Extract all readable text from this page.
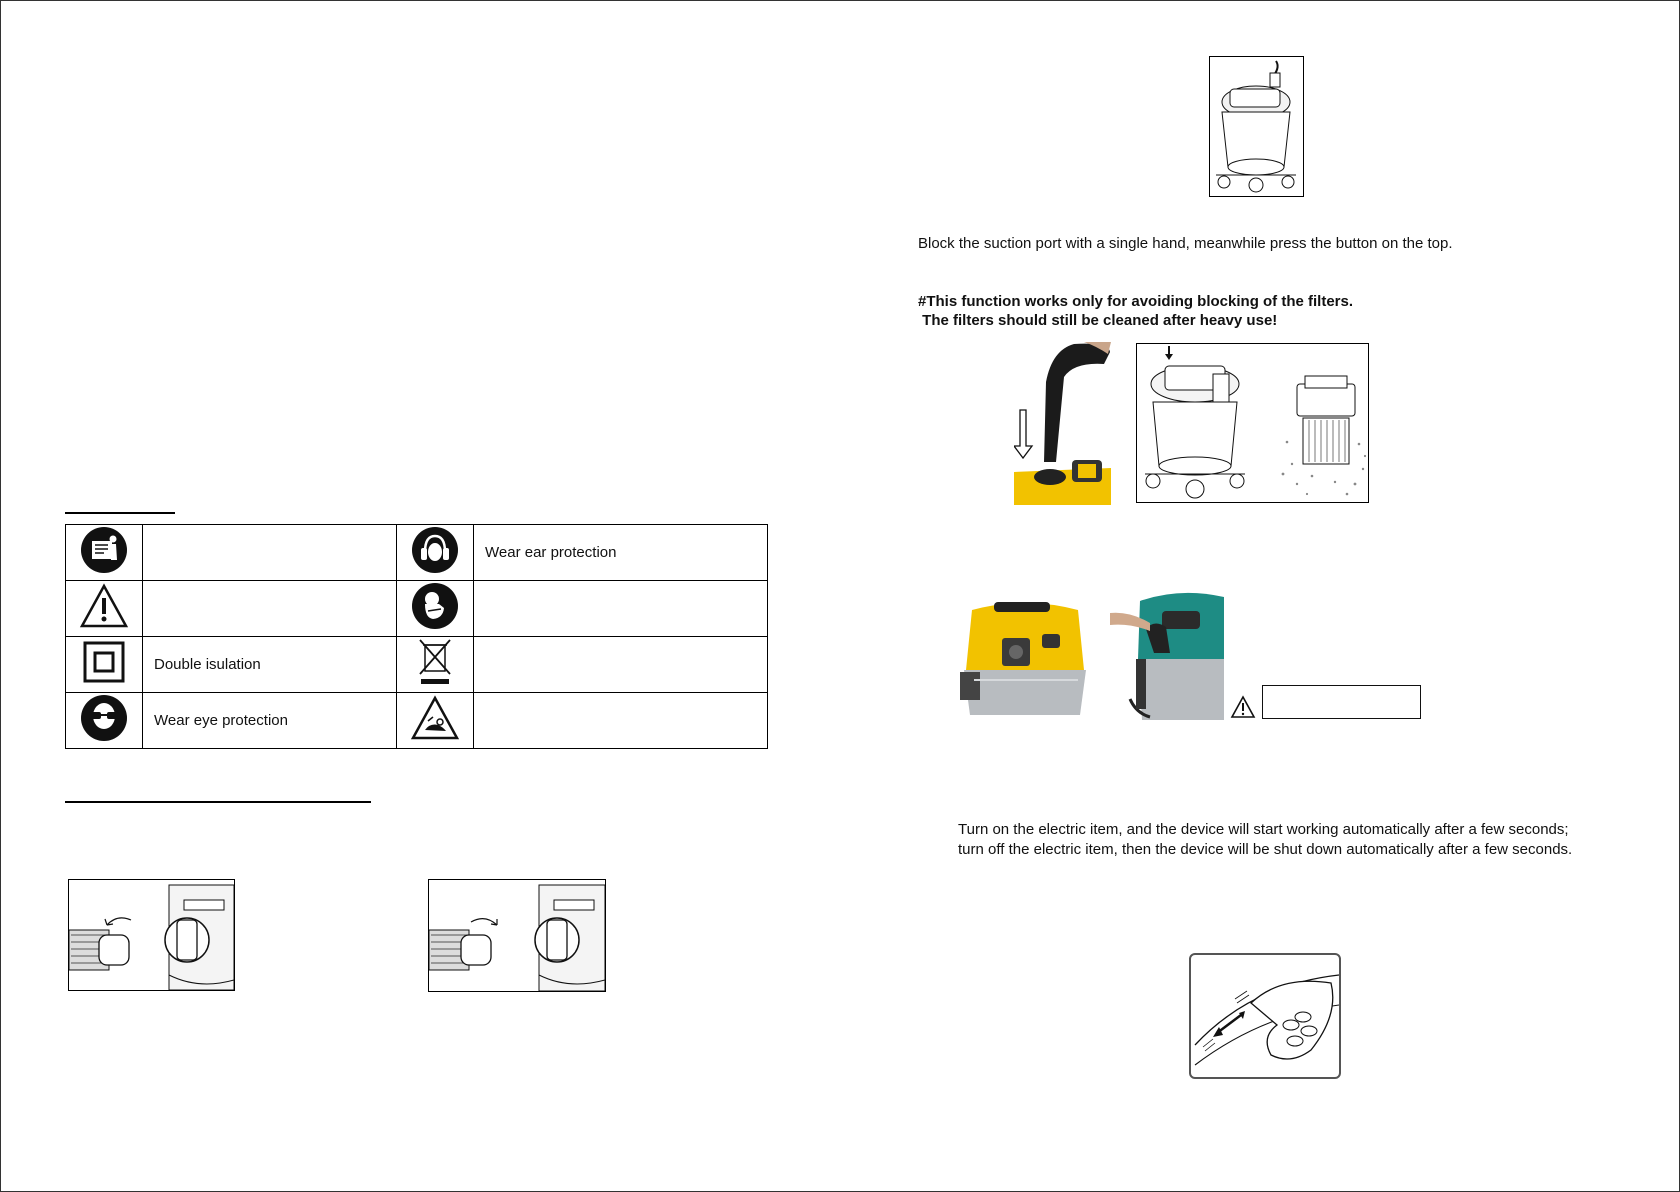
			Wear ear protection

	Double isulation		
	Wear eye protection		
Block the suction port with a single hand, meanwhile press the button on the top.
#This function works only for avoiding blocking of the filters.
The filters should still be cleaned after heavy use!
Turn on the electric item, and the device will start working automatically after a few seconds;
turn off the electric item, then the device will be shut down automatically after a few seconds.
